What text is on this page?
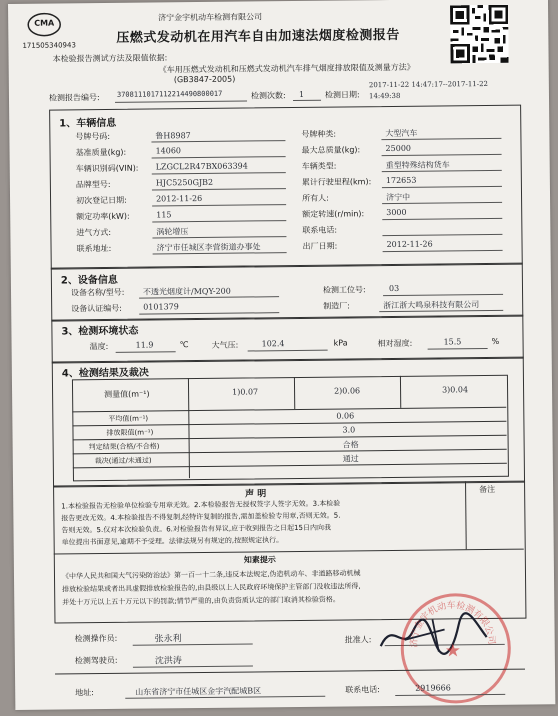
CMA
171505340943
济宁金宇机动车检测有限公司
压燃式发动机在用汽车自由加速法烟度检测报告
本检验报告测试方法及限值依据:
《车用压燃式发动机和压燃式发动机汽车排气烟度排放限值及测量方法》
(GB3847-2005)
检测报告编号: 3708111017112214490800017	检测次数: 1	检测日期:
2017-11-22 14:47:17--2017-11-22 14:49:38
1、车辆信息
号牌号码:	鲁H8987	号牌种类:	大型汽车
基准质量(kg):	14060	最大总质量(kg):	25000
车辆识别码(VIN): LZGCL2R47BX063394	车辆类型:	重型特殊结构货车
品牌型号:	HJC5250GJB2	累计行驶里程(km): 172653
初次登记日期:	2012-11-26	所有人:	济宁中
额定功率(kW):	115	额定转速(r/min):	3000
进气方式:	涡轮增压	联系电话:
联系地址:	济宁市任城区李营街道办事处	出厂日期:	2012-11-26
2、设备信息
设备名称/型号: 不透光烟度计/MQY-200	检测工位号:	03
设备认证编号:	0101379	制造厂:	浙江浙大鸣泉科技有限公司
3、检测环境状态
温度:	11.9	℃	大气压:	102.4	kPa	相对湿度:	15.5	%
4、检测结果及裁决
测量值(m⁻¹)	1)0.07	2)0.06	3)0.04
平均值(m⁻¹)	0.06
排放限值(m⁻¹)	3.0
判定结果(合格/不合格)	合格
裁决(通过/未通过)	通过
备注
声 明
1.本检验报告无检验单位检验专用章无效。2.本检验报告无授权签字人签字无效。3.本检验
报告更改无效。4.本检验报告不得复制,经特许复制的报告,需加盖检验专用章,否则无效。5.
告则无效。5.仅对本次检验负责。6.对检验报告有异议,应于收到报告之日起15日内向我
单位提出书面意见,逾期不予受理。法律法规另有规定的,按照规定执行。
知素提示
《中华人民共和国大气污染防治法》第一百一十二条,违反本法规定,伪造机动车、非道路移动机械
排放检验结果或者出具虚假排放检验报告的,由县级以上人民政府环境保护主管部门没收违法所得,
并处十万元以上五十万元以下的罚款;情节严重的,由负责资质认定的部门取消其检验资格。
检测操作员:	张永利
检测驾驶员:	沈洪涛
批准人:	济宁金宇机动车检测有限公司
★
地址:	山东省济宁市任城区金宇汽配城B区	联系电话:	2919666
